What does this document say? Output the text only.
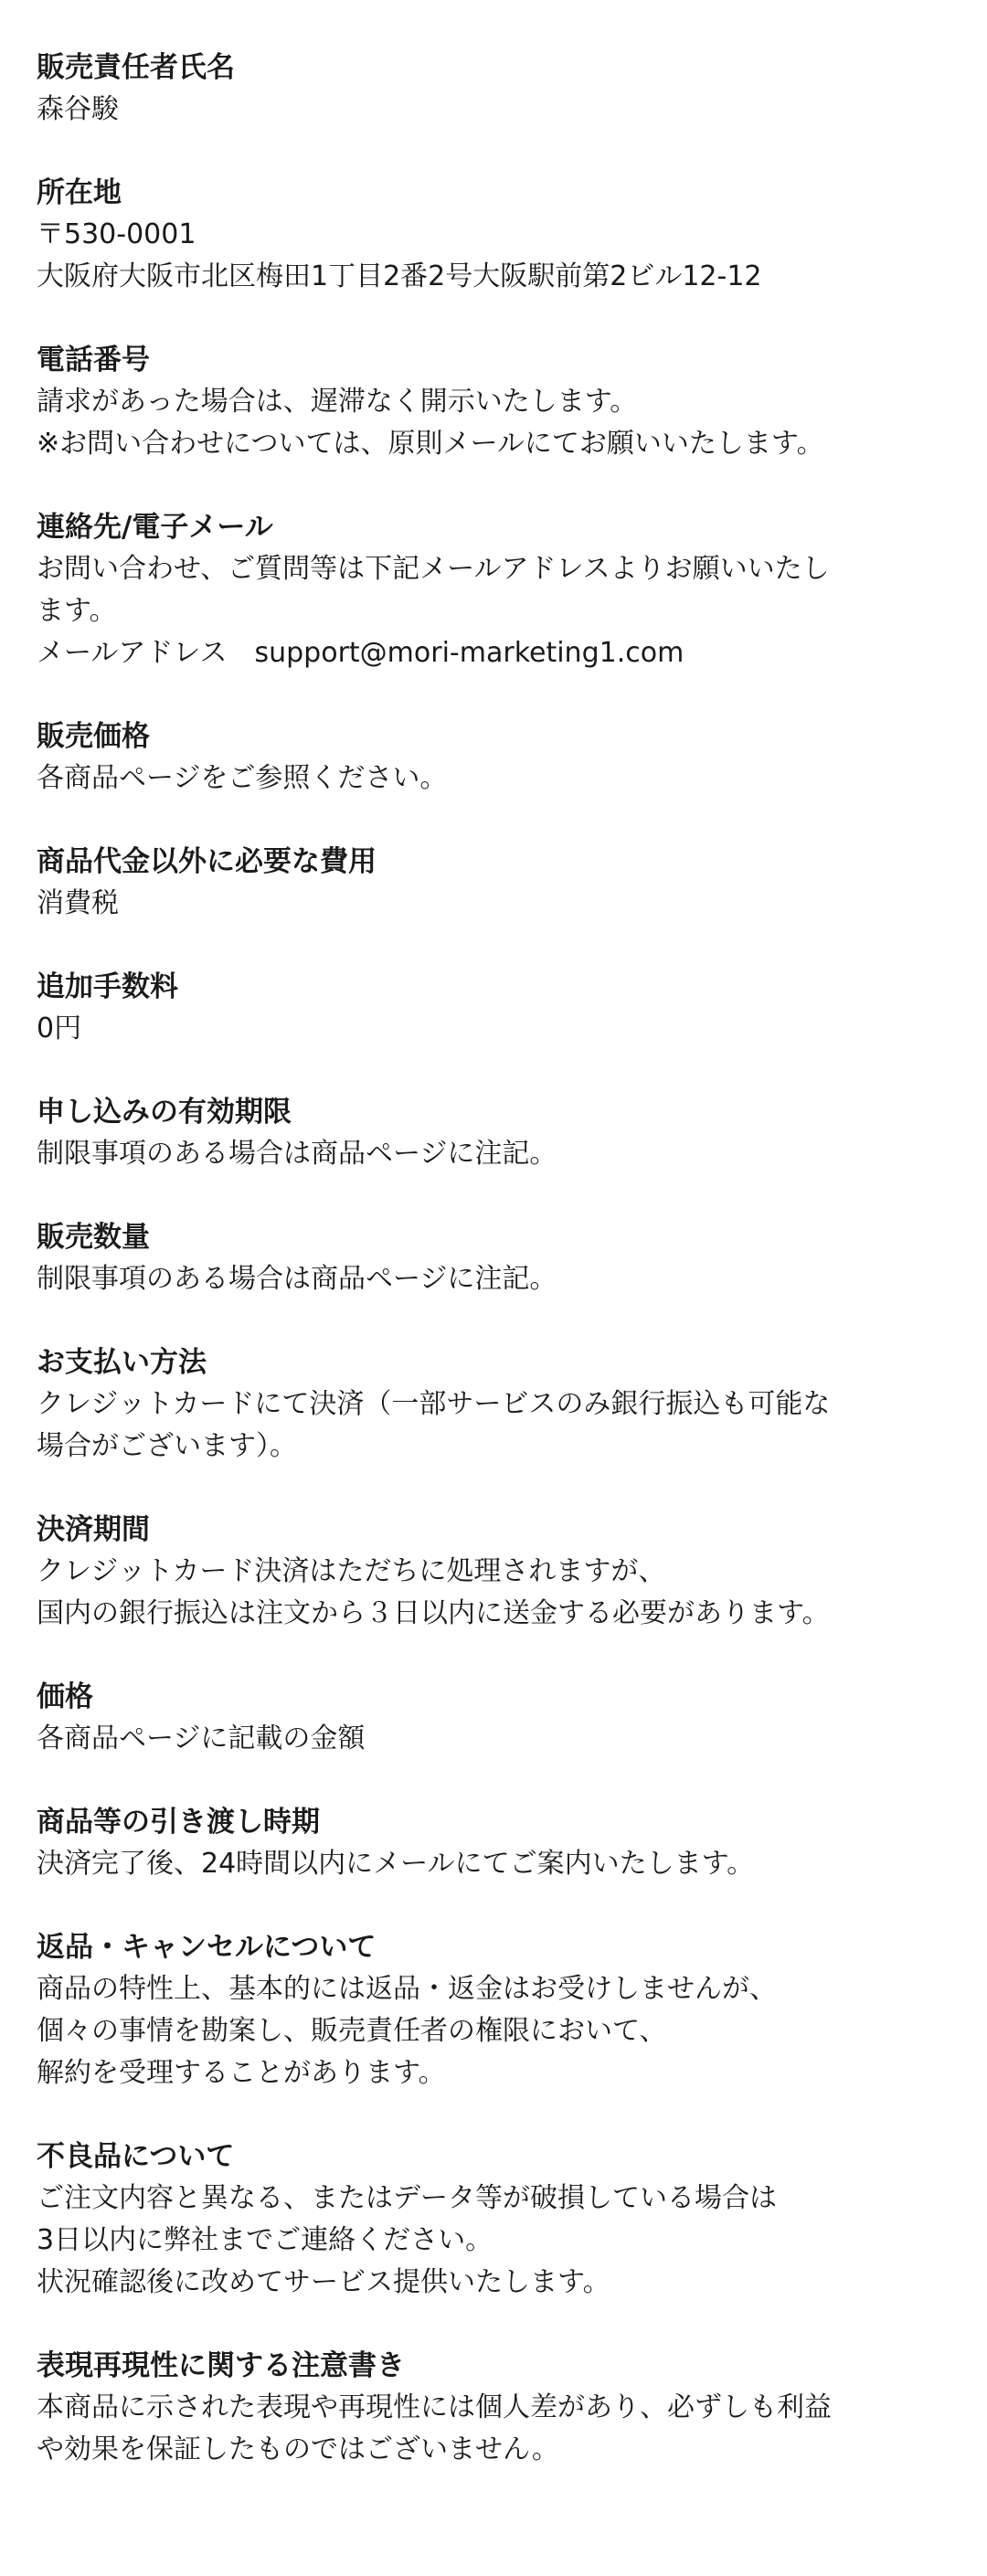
販売責任者氏名

森谷駿

所在地

〒530-0001

大阪府大阪市北区梅田1丁目2番2号大阪駅前第2ビル12-12

電話番号

請求があった場合は、遅滞なく開示いたします。

※お問い合わせについては、原則メールにてお願いいたします。

連絡先/電子メール

お問い合わせ、ご質問等は下記メールアドレスよりお願いいたし

ます。

メールアドレス　support@mori-marketing1.com

販売価格

各商品ページをご参照ください。

商品代金以外に必要な費用

消費税

追加手数料

0円

申し込みの有効期限

制限事項のある場合は商品ページに注記。

販売数量

制限事項のある場合は商品ページに注記。

お支払い方法

クレジットカードにて決済（一部サービスのみ銀行振込も可能な

場合がございます）。

決済期間

クレジットカード決済はただちに処理されますが、

国内の銀行振込は注文から３日以内に送金する必要があります。

価格

各商品ページに記載の金額

商品等の引き渡し時期

決済完了後、24時間以内にメールにてご案内いたします。

返品・キャンセルについて

商品の特性上、基本的には返品・返金はお受けしませんが、

個々の事情を勘案し、販売責任者の権限において、

解約を受理することがあります。

不良品について

ご注文内容と異なる、またはデータ等が破損している場合は

3日以内に弊社までご連絡ください。

状況確認後に改めてサービス提供いたします。

表現再現性に関する注意書き

本商品に示された表現や再現性には個人差があり、必ずしも利益

や効果を保証したものではございません。
